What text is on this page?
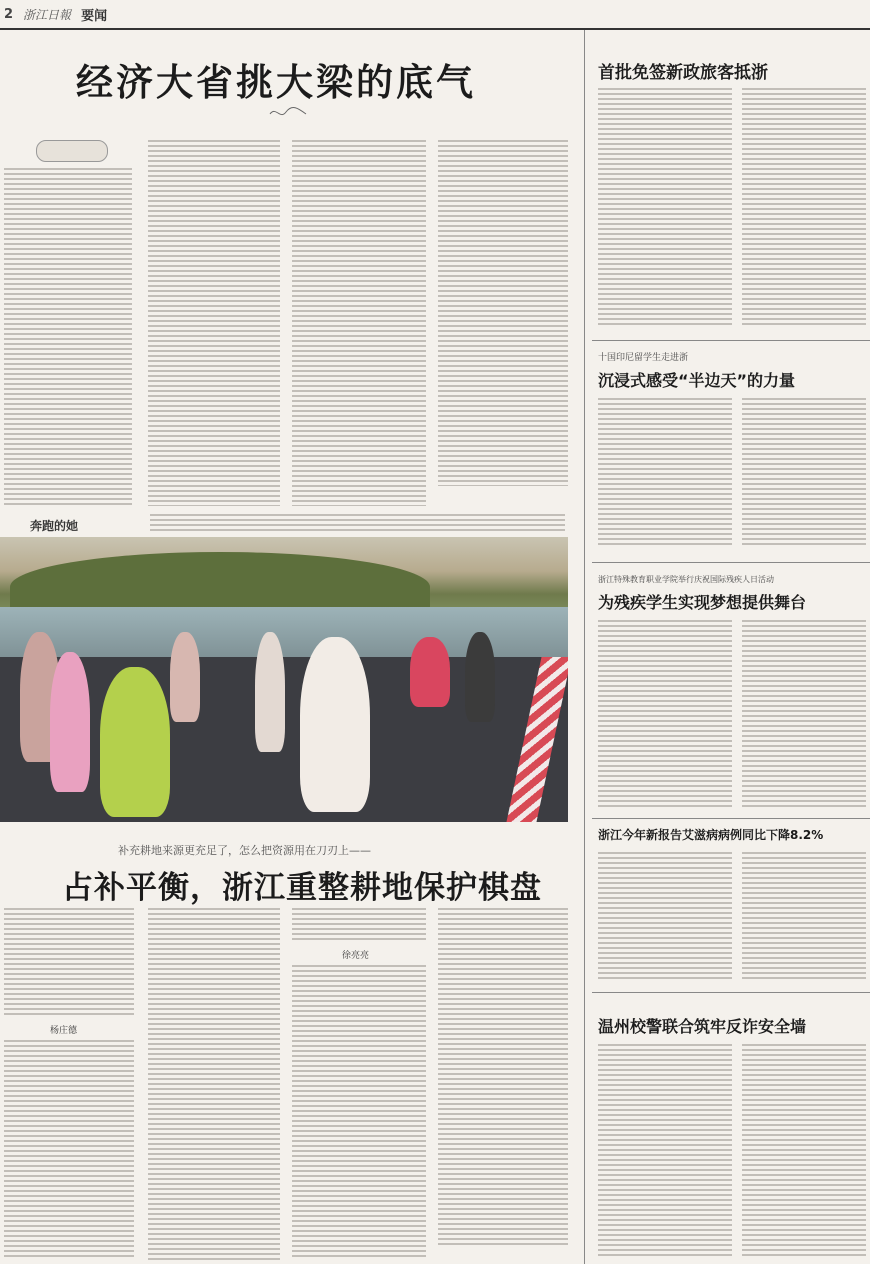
2 浙江日報 要闻
经济大省挑大梁的底气
奔跑的她
补充耕地来源更充足了，怎么把资源用在刀刃上——
占补平衡，浙江重整耕地保护棋盘
杨庄德
徐亮亮
首批免签新政旅客抵浙
十国印尼留学生走进浙
沉浸式感受“半边天”的力量
浙江特殊教育职业学院举行庆祝国际残疾人日活动
为残疾学生实现梦想提供舞台
浙江今年新报告艾滋病病例同比下降8.2%
温州校警联合筑牢反诈安全墙
